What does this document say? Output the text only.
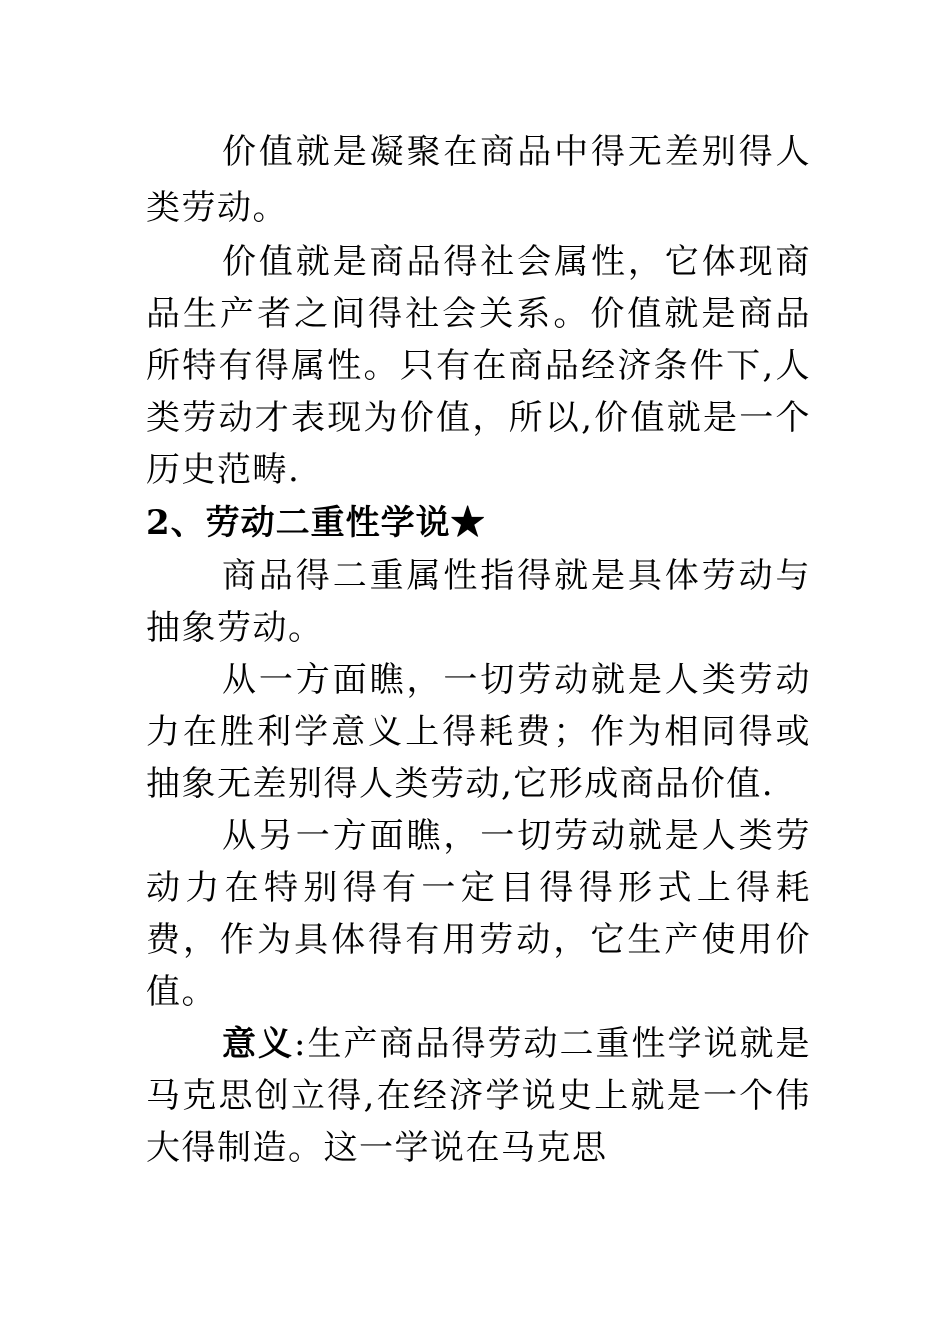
价值就是凝聚在商品中得无差别得人类劳动。

价值就是商品得社会属性，它体现商品生产者之间得社会关系。价值就是商品所特有得属性。只有在商品经济条件下,人类劳动才表现为价值，所以,价值就是一个历史范畴.

2、劳动二重性学说★

商品得二重属性指得就是具体劳动与抽象劳动。

从一方面瞧，一切劳动就是人类劳动力在胜利学意义上得耗费；作为相同得或抽象无差别得人类劳动,它形成商品价值.

从另一方面瞧，一切劳动就是人类劳动力在特别得有一定目得得形式上得耗费，作为具体得有用劳动，它生产使用价值。

意义:生产商品得劳动二重性学说就是马克思创立得,在经济学说史上就是一个伟大得制造。这一学说在马克思
